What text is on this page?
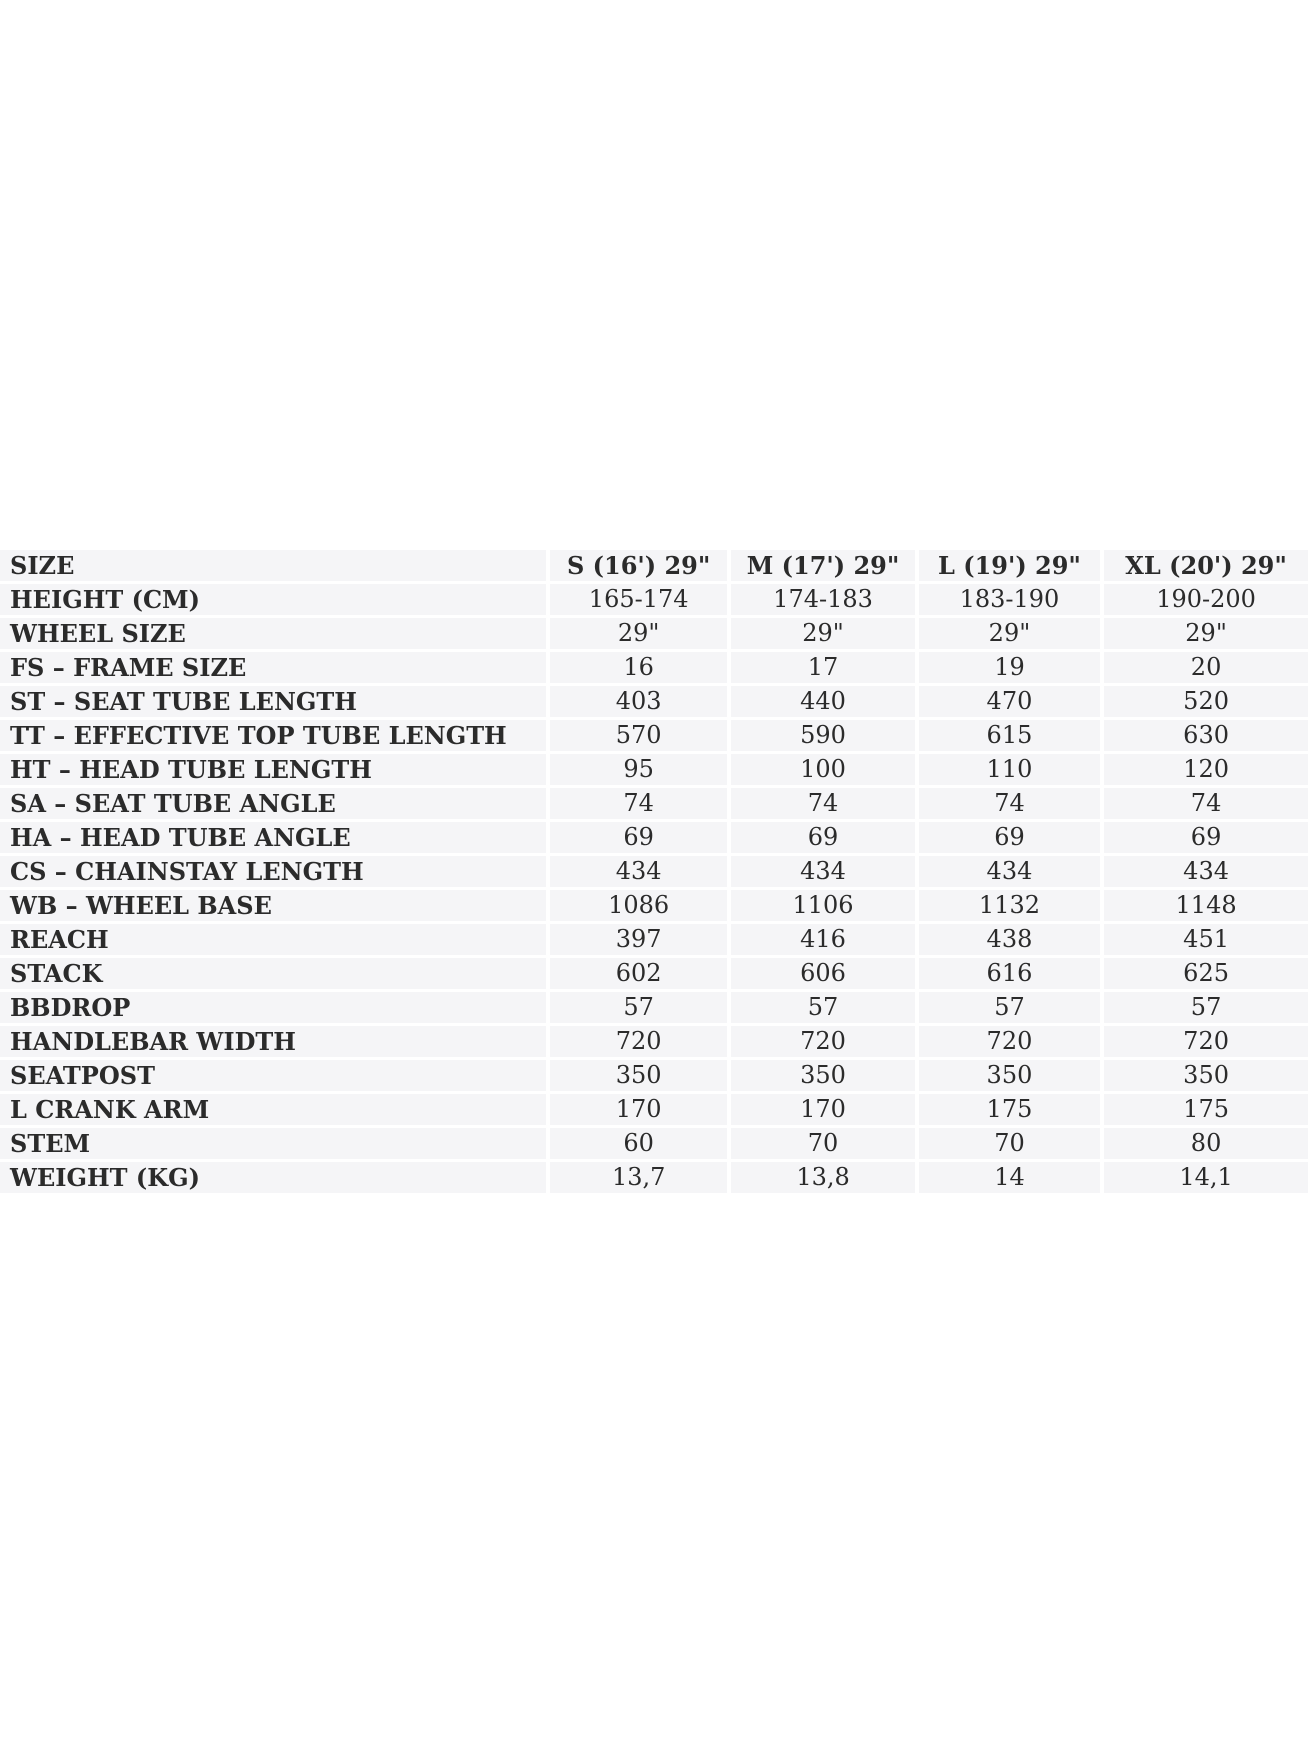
SIZE	S (16') 29"	M (17') 29"	L (19') 29"	XL (20') 29"
HEIGHT (CM)	165-174	174-183	183-190	190-200
WHEEL SIZE	29"	29"	29"	29"
FS – FRAME SIZE	16	17	19	20
ST – SEAT TUBE LENGTH	403	440	470	520
TT – EFFECTIVE TOP TUBE LENGTH	570	590	615	630
HT – HEAD TUBE LENGTH	95	100	110	120
SA – SEAT TUBE ANGLE	74	74	74	74
HA – HEAD TUBE ANGLE	69	69	69	69
CS – CHAINSTAY LENGTH	434	434	434	434
WB – WHEEL BASE	1086	1106	1132	1148
REACH	397	416	438	451
STACK	602	606	616	625
BBDROP	57	57	57	57
HANDLEBAR WIDTH	720	720	720	720
SEATPOST	350	350	350	350
L CRANK ARM	170	170	175	175
STEM	60	70	70	80
WEIGHT (KG)	13,7	13,8	14	14,1
